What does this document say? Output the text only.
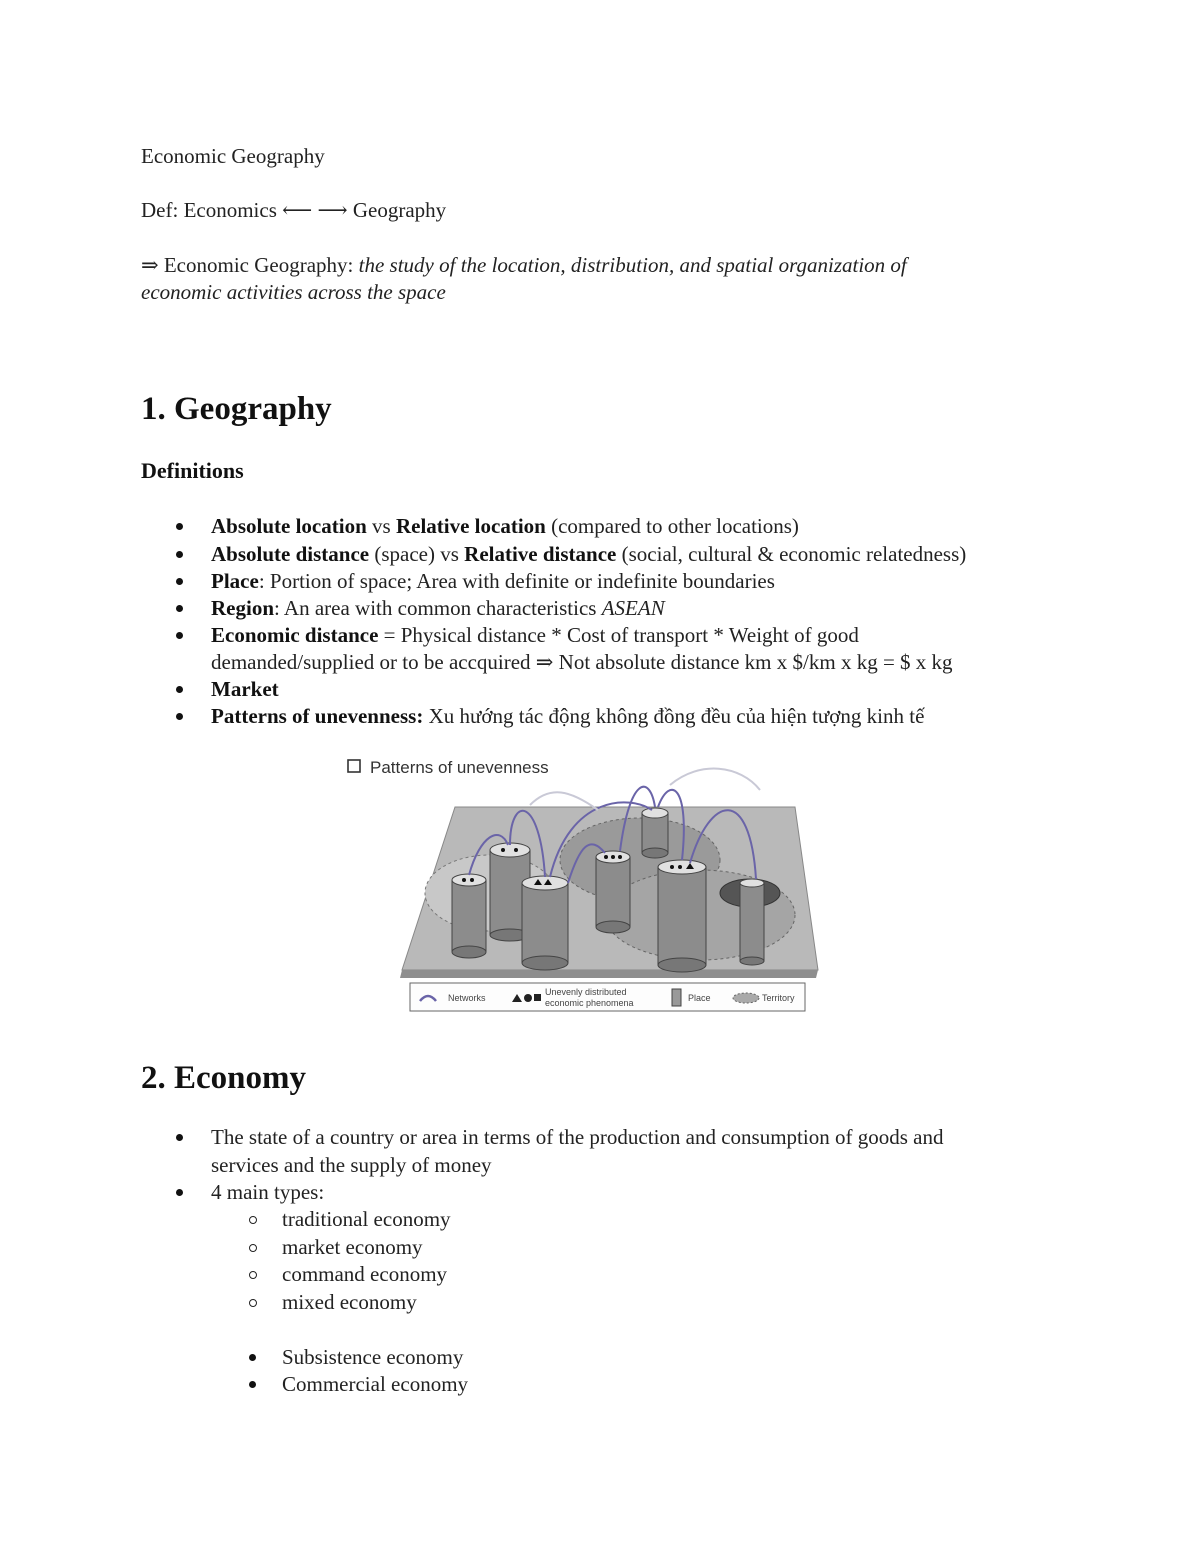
Economic Geography
Def: Economics ⟵ ⟶ Geography
⇒ Economic Geography: the study of the location, distribution, and spatial organization of
economic activities across the space
1. Geography
Definitions
Absolute location vs Relative location (compared to other locations)
Absolute distance (space) vs Relative distance (social, cultural & economic relatedness)
Place: Portion of space; Area with definite or indefinite boundaries
Region: An area with common characteristics ASEAN
Economic distance = Physical distance * Cost of transport * Weight of good
demanded/supplied or to be accquired ⇒ Not absolute distance km x $/km x kg = $ x kg
Market
Patterns of unevenness: Xu hướng tác động không đồng đều của hiện tượng kinh tế
Patterns of unevenness
Networks
Unevenly distributed
economic phenomena	Place	Territory
2. Economy
The state of a country or area in terms of the production and consumption of goods and
services and the supply of money
4 main types:
traditional economy
market economy
command economy
mixed economy
Subsistence economy
Commercial economy
